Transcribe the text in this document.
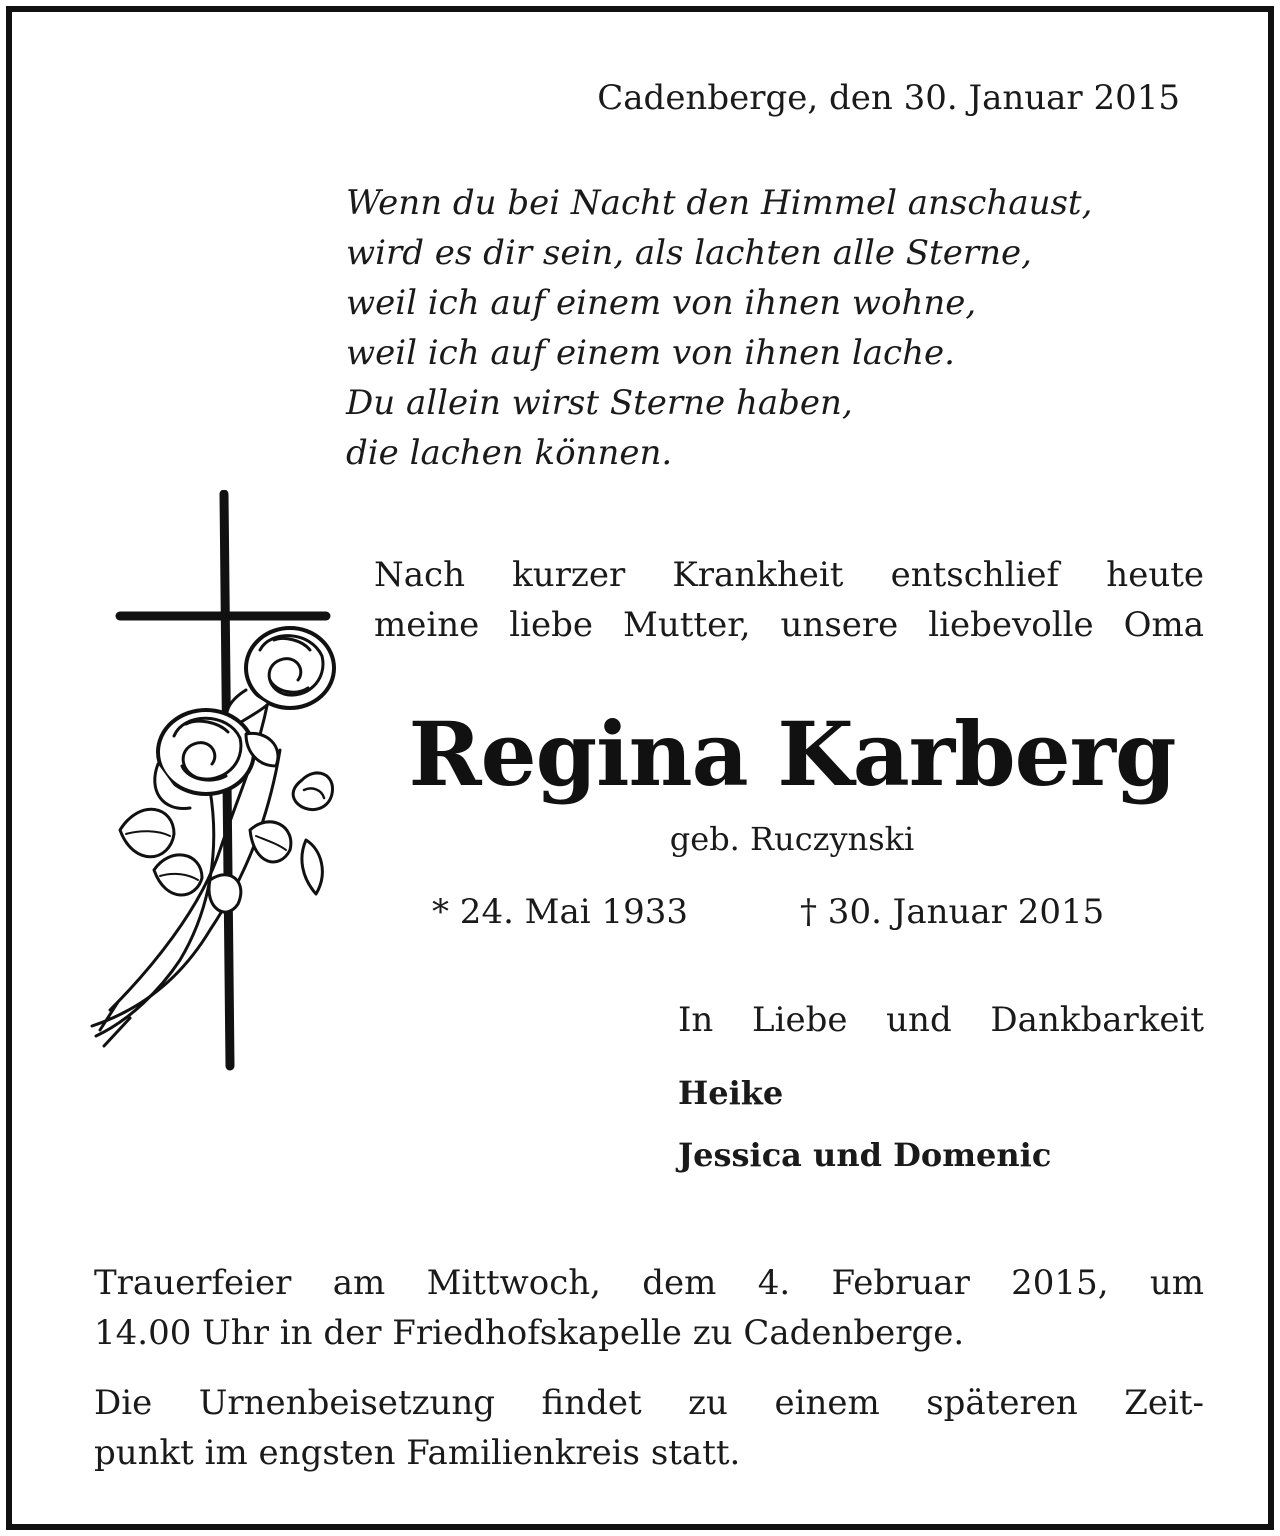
Cadenberge, den 30. Januar 2015
Wenn du bei Nacht den Himmel anschaust,
wird es dir sein, als lachten alle Sterne,
weil ich auf einem von ihnen wohne,
weil ich auf einem von ihnen lache.
Du allein wirst Sterne haben,
die lachen können.
Nach kurzer Krankheit entschlief heute
meine liebe Mutter, unsere liebevolle Oma
Regina Karberg
geb. Ruczynski
* 24. Mai 1933	† 30. Januar 2015
In Liebe und Dankbarkeit
Heike
Jessica und Domenic
Trauerfeier am Mittwoch, dem 4. Februar 2015, um
14.00 Uhr in der Friedhofskapelle zu Cadenberge.
Die Urnenbeisetzung findet zu einem späteren Zeit-
punkt im engsten Familienkreis statt.
